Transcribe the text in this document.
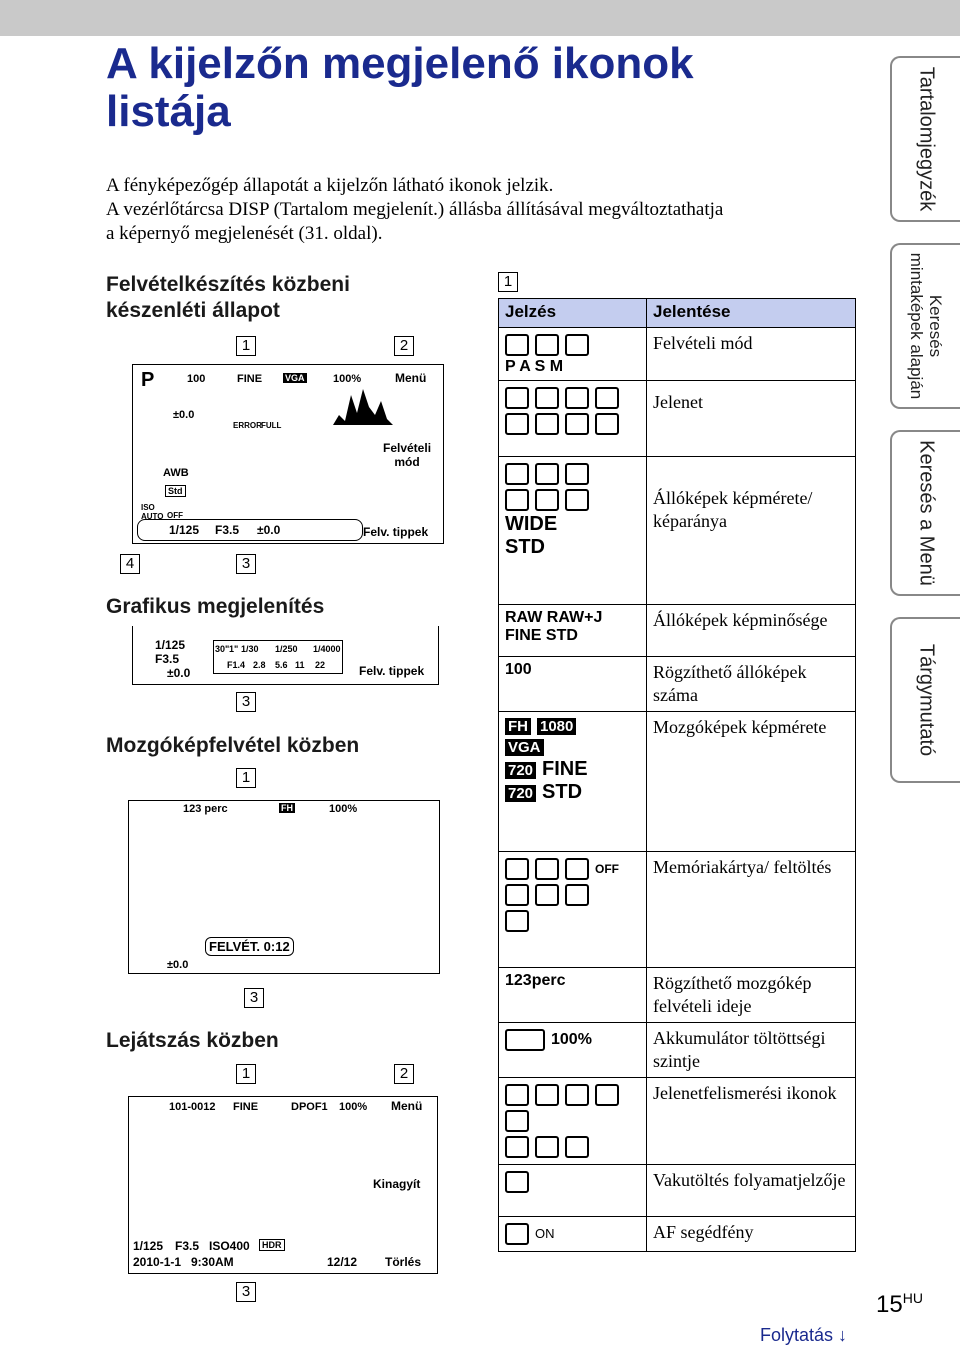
A kijelzőn megjelenő ikonok listája
A fényképezőgép állapotát a kijelzőn látható ikonok jelzik.
A vezérlőtárcsa DISP (Tartalom megjelenít.) állásba állításával megváltoztathatja
a képernyő megjelenését (31. oldal).
Tartalomjegyzék
Keresés mintaképek alapján
Keresés a Menü
Tárgymutató
Felvételkészítés közbeni készenléti állapot
1	2
P	100	FINE	VGA	100%	Menü
±0.0
ERROR FULL
AWB
Std
ISO AUTO OFF
Felvételi
mód
1/125 F3.5 ±0.0	Felv. tippek
4	3
Grafikus megjelenítés
1/125
F3.5
±0.0
30" 1" 1/30 1/250 1/4000
F1.4 2.8 5.6 11 22	Felv. tippek
3
Mozgóképfelvétel közben
1
123 perc	FH	100%
FELVÉT. 0:12
±0.0
3
Lejátszás közben
1	2
101-0012 FINE	DPOF1 100% Menü
Kinagyít
1/125 F3.5 ISO400	HDR
2010-1-1 9:30AM	12/12 Törlés
3
1
Jelzés	Jelentése

P A S M	Felvételi mód

	Jelenet

WIDE
STD	Állóképek képmérete/ képaránya

RAW RAW+J
FINE STD	Állóképek képminősége
100	Rögzíthető állóképek száma
FH 1080
VGA
720 FINE
720 STD	Mozgóképek képmérete
OFF	Memóriakártya/ feltöltés
123perc	Rögzíthető mozgókép felvételi ideje
100%	Akkumulátor töltöttségi szintje

	Jelenetfelismerési ikonok
	Vakutöltés folyamatjelzője
ON	AF segédfény
$15^{HU}$
Folytatás ↓
